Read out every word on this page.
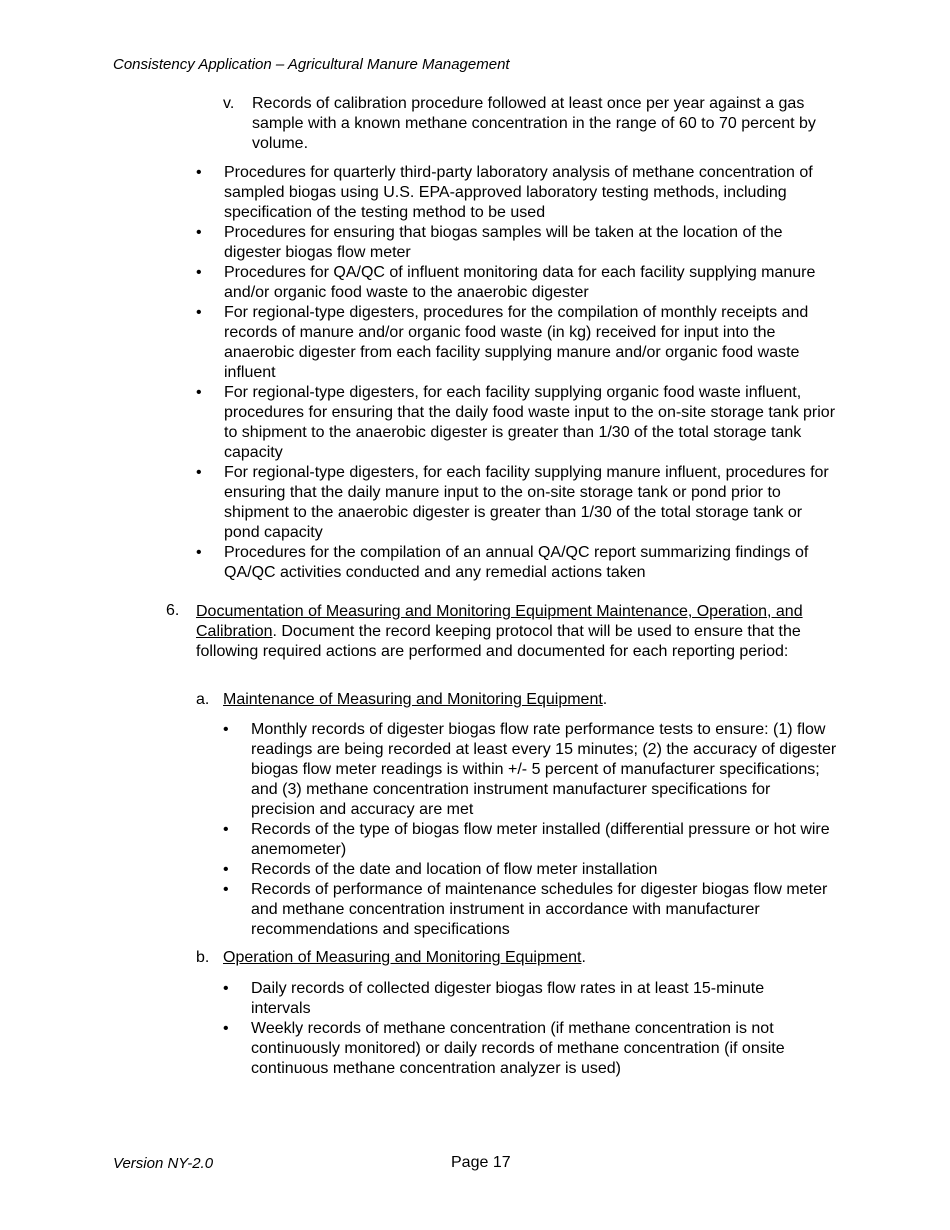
Consistency Application – Agricultural Manure Management
v. Records of calibration procedure followed at least once per year against a gas sample with a known methane concentration in the range of 60 to 70 percent by volume.
• Procedures for quarterly third-party laboratory analysis of methane concentration of sampled biogas using U.S. EPA-approved laboratory testing methods, including specification of the testing method to be used
• Procedures for ensuring that biogas samples will be taken at the location of the digester biogas flow meter
• Procedures for QA/QC of influent monitoring data for each facility supplying manure and/or organic food waste to the anaerobic digester
• For regional-type digesters, procedures for the compilation of monthly receipts and records of manure and/or organic food waste (in kg) received for input into the anaerobic digester from each facility supplying manure and/or organic food waste influent
• For regional-type digesters, for each facility supplying organic food waste influent, procedures for ensuring that the daily food waste input to the on-site storage tank prior to shipment to the anaerobic digester is greater than 1/30 of the total storage tank capacity
• For regional-type digesters, for each facility supplying manure influent, procedures for ensuring that the daily manure input to the on-site storage tank or pond prior to shipment to the anaerobic digester is greater than 1/30 of the total storage tank or pond capacity
• Procedures for the compilation of an annual QA/QC report summarizing findings of QA/QC activities conducted and any remedial actions taken
6. Documentation of Measuring and Monitoring Equipment Maintenance, Operation, and Calibration. Document the record keeping protocol that will be used to ensure that the following required actions are performed and documented for each reporting period:
a. Maintenance of Measuring and Monitoring Equipment.
• Monthly records of digester biogas flow rate performance tests to ensure: (1) flow readings are being recorded at least every 15 minutes; (2) the accuracy of digester biogas flow meter readings is within +/- 5 percent of manufacturer specifications; and (3) methane concentration instrument manufacturer specifications for precision and accuracy are met
• Records of the type of biogas flow meter installed (differential pressure or hot wire anemometer)
• Records of the date and location of flow meter installation
• Records of performance of maintenance schedules for digester biogas flow meter and methane concentration instrument in accordance with manufacturer recommendations and specifications
b. Operation of Measuring and Monitoring Equipment.
• Daily records of collected digester biogas flow rates in at least 15-minute intervals
• Weekly records of methane concentration (if methane concentration is not continuously monitored) or daily records of methane concentration (if onsite continuous methane concentration analyzer is used)
Version NY-2.0	Page 17
